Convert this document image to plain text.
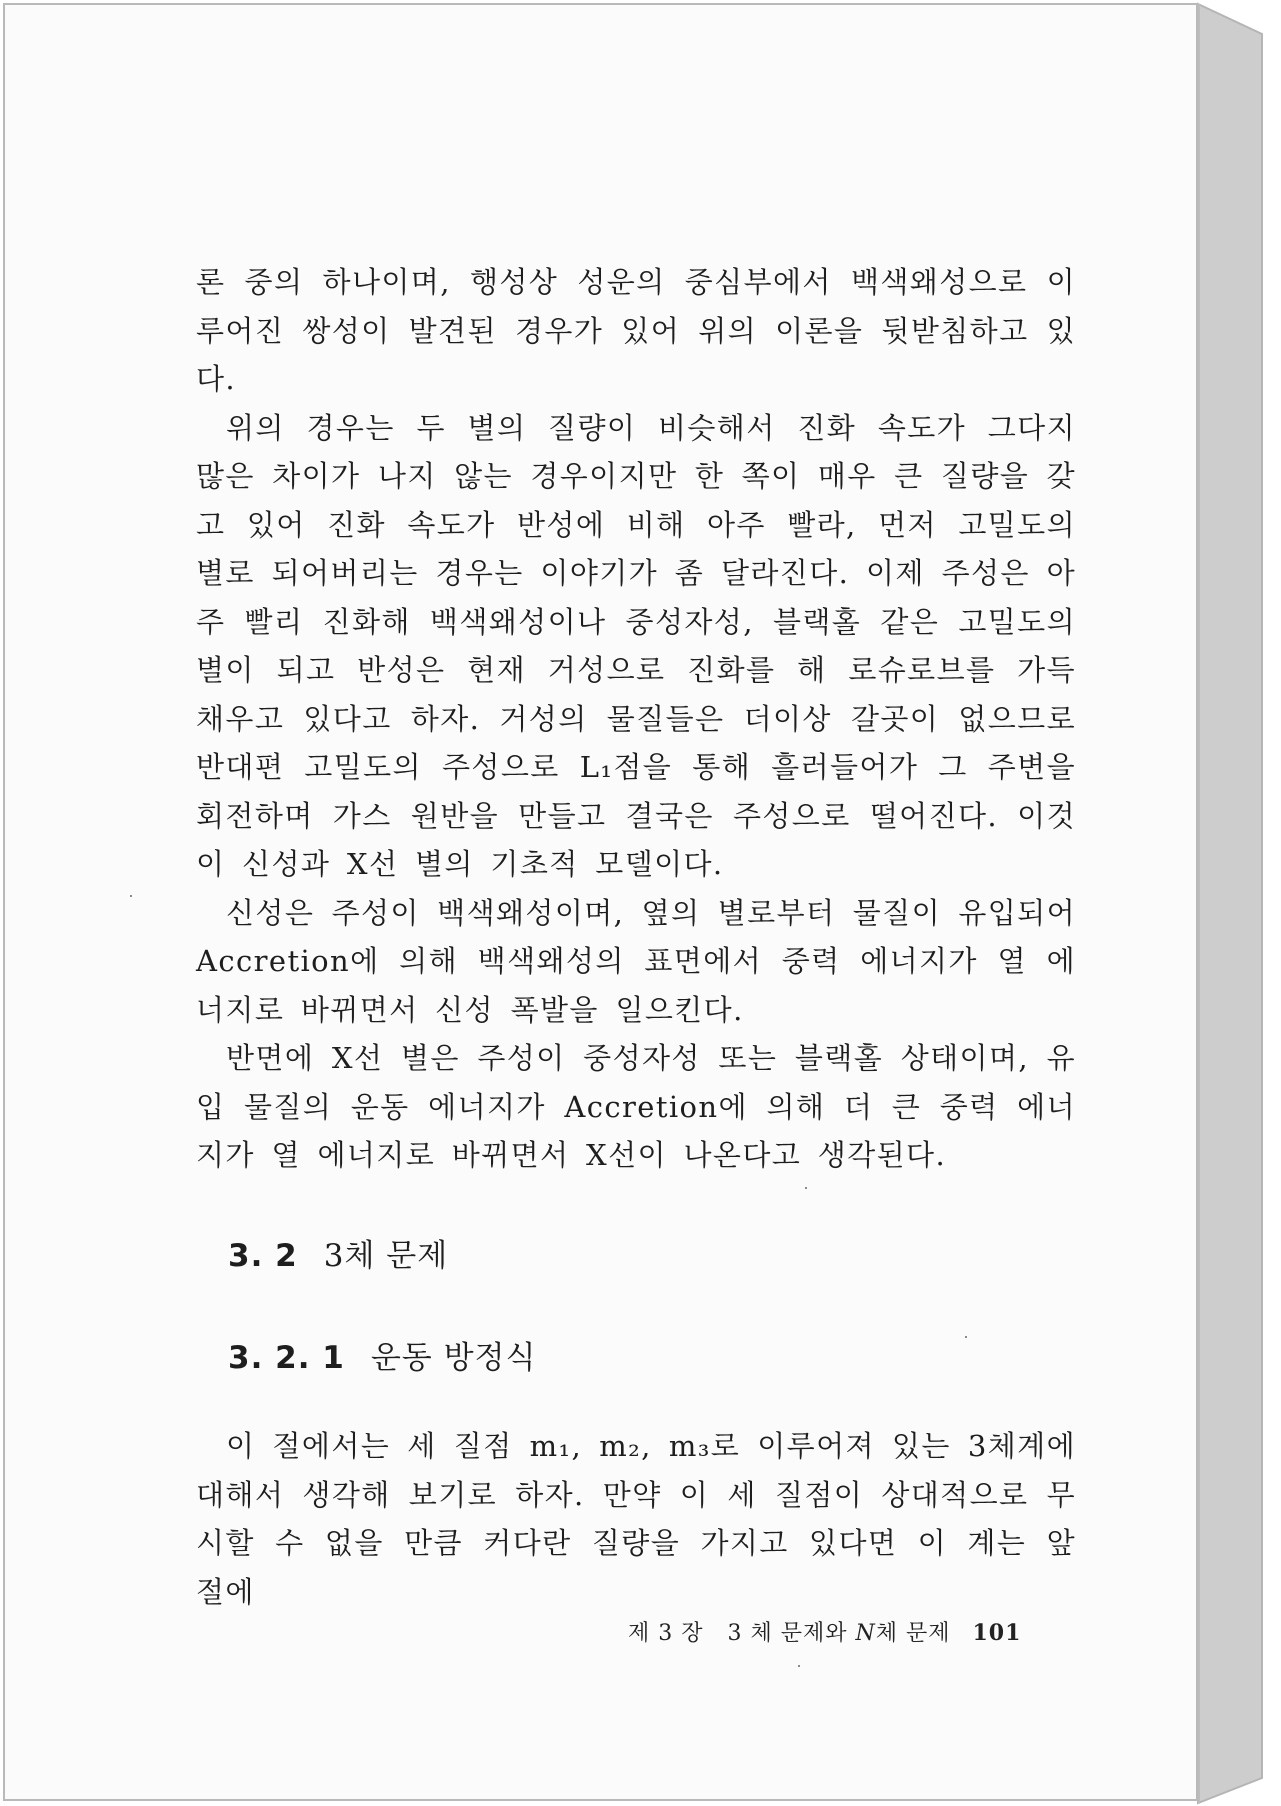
론 중의 하나이며, 행성상 성운의 중심부에서 백색왜성으로 이루어진 쌍성이 발견된 경우가 있어 위의 이론을 뒷받침하고 있다.

위의 경우는 두 별의 질량이 비슷해서 진화 속도가 그다지 많은 차이가 나지 않는 경우이지만 한 쪽이 매우 큰 질량을 갖고 있어 진화 속도가 반성에 비해 아주 빨라, 먼저 고밀도의 별로 되어버리는 경우는 이야기가 좀 달라진다. 이제 주성은 아주 빨리 진화해 백색왜성이나 중성자성, 블랙홀 같은 고밀도의 별이 되고 반성은 현재 거성으로 진화를 해 로슈로브를 가득 채우고 있다고 하자. 거성의 물질들은 더이상 갈곳이 없으므로 반대편 고밀도의 주성으로 L₁점을 통해 흘러들어가 그 주변을 회전하며 가스 원반을 만들고 결국은 주성으로 떨어진다. 이것이 신성과 X선 별의 기초적 모델이다.

신성은 주성이 백색왜성이며, 옆의 별로부터 물질이 유입되어 Accretion에 의해 백색왜성의 표면에서 중력 에너지가 열 에너지로 바뀌면서 신성 폭발을 일으킨다.

반면에 X선 별은 주성이 중성자성 또는 블랙홀 상태이며, 유입 물질의 운동 에너지가 Accretion에 의해 더 큰 중력 에너지가 열 에너지로 바뀌면서 X선이 나온다고 생각된다.

3. 2 3체 문제
3. 2. 1 운동 방정식

이 절에서는 세 질점 m₁, m₂, m₃로 이루어져 있는 3체계에 대해서 생각해 보기로 하자. 만약 이 세 질점이 상대적으로 무시할 수 없을 만큼 커다란 질량을 가지고 있다면 이 계는 앞 절에

제 3 장 3 체 문제와 N체 문제 101
